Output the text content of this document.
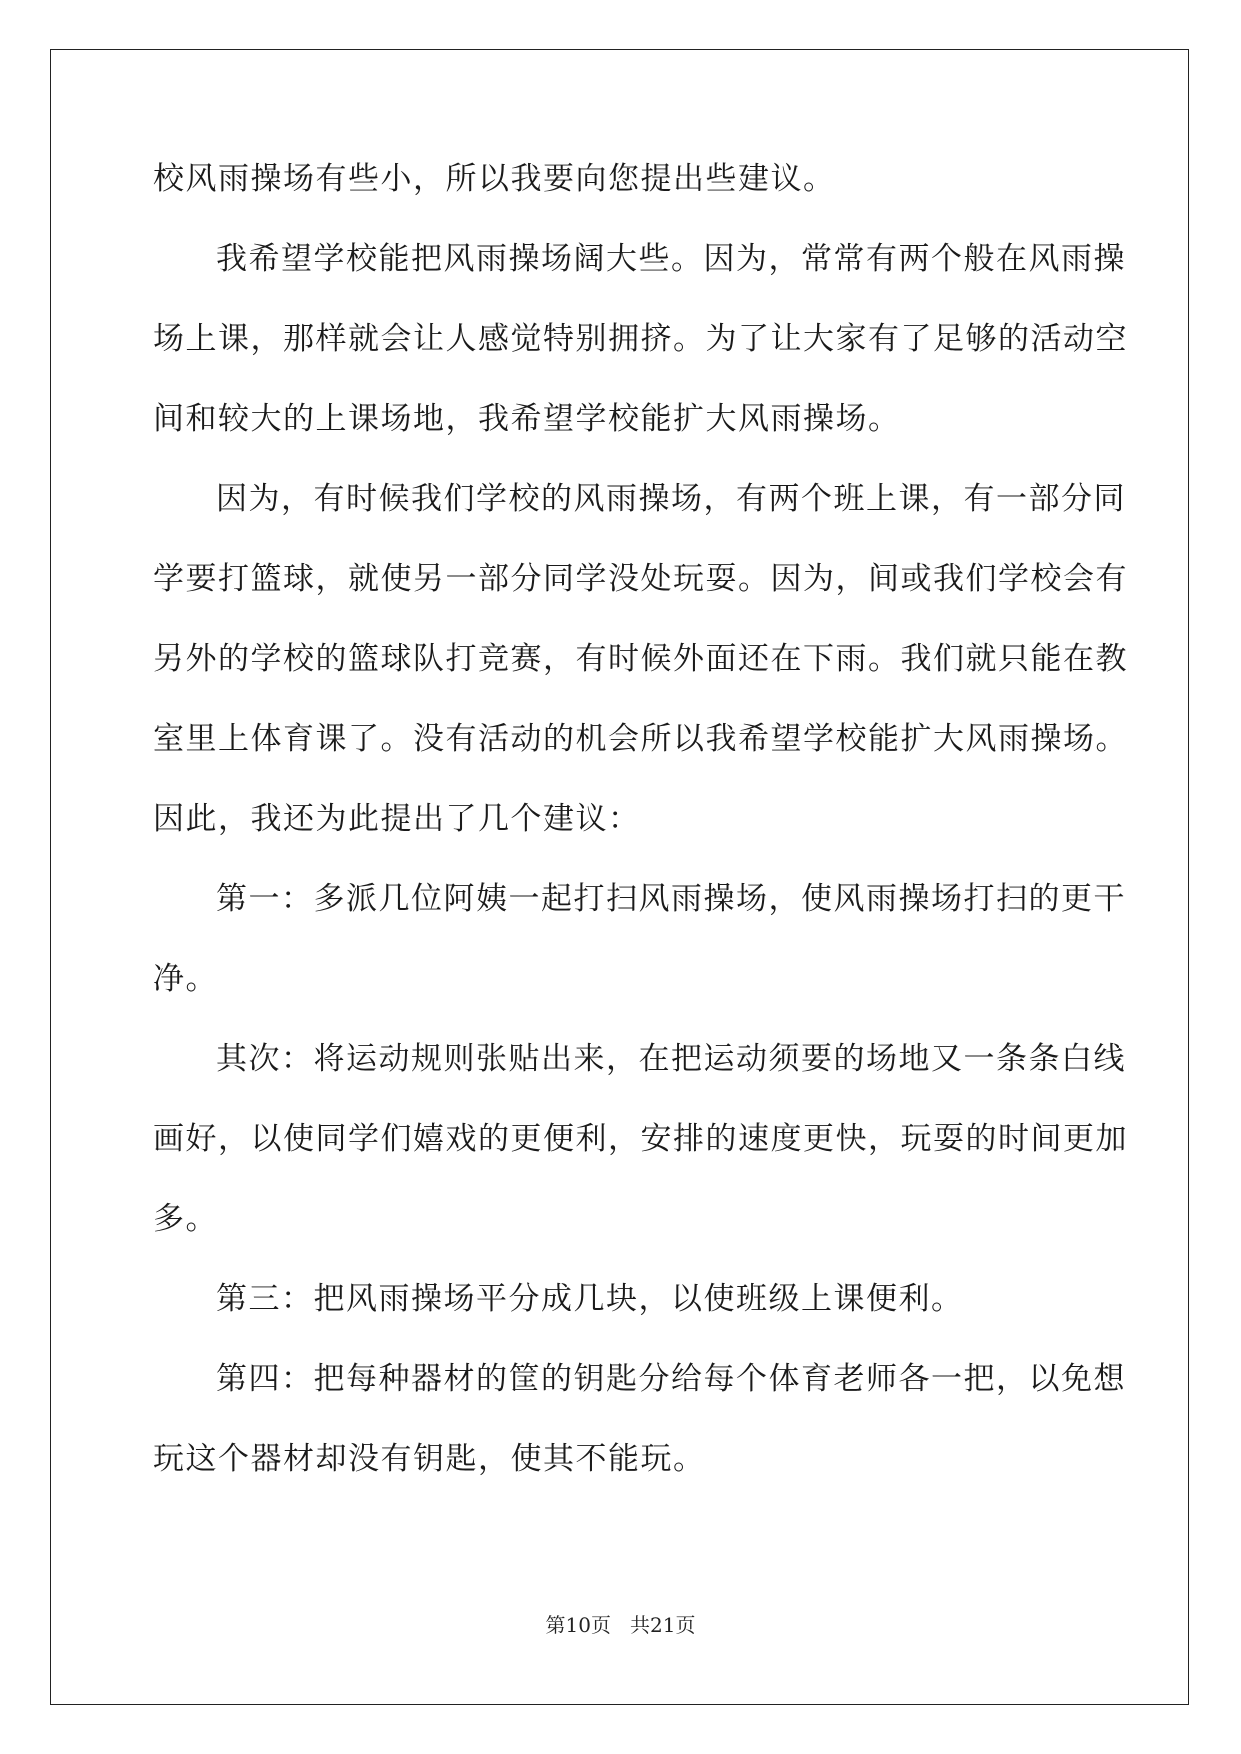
校风雨操场有些小，所以我要向您提出些建议。
我希望学校能把风雨操场阔大些。因为，常常有两个般在风雨操
场上课，那样就会让人感觉特别拥挤。为了让大家有了足够的活动空
间和较大的上课场地，我希望学校能扩大风雨操场。
因为，有时候我们学校的风雨操场，有两个班上课，有一部分同
学要打篮球，就使另一部分同学没处玩耍。因为，间或我们学校会有
另外的学校的篮球队打竞赛，有时候外面还在下雨。我们就只能在教
室里上体育课了。没有活动的机会所以我希望学校能扩大风雨操场。
因此，我还为此提出了几个建议：
第一：多派几位阿姨一起打扫风雨操场，使风雨操场打扫的更干
净。
其次：将运动规则张贴出来，在把运动须要的场地又一条条白线
画好，以使同学们嬉戏的更便利，安排的速度更快，玩耍的时间更加
多。
第三：把风雨操场平分成几块，以使班级上课便利。
第四：把每种器材的筐的钥匙分给每个体育老师各一把，以免想
玩这个器材却没有钥匙，使其不能玩。
第10页 共21页
